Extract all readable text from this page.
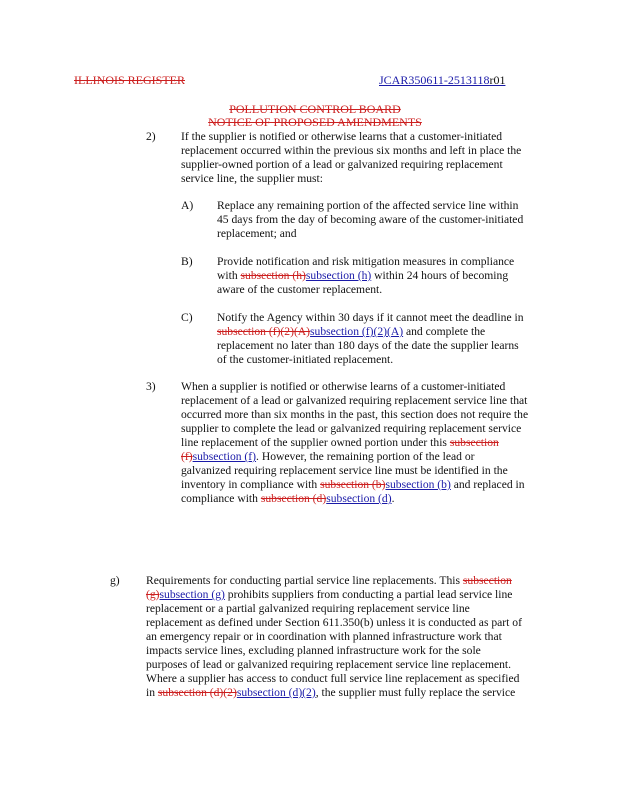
ILLINOIS REGISTER	JCAR350611-2513118r01
POLLUTION CONTROL BOARD
NOTICE OF PROPOSED AMENDMENTS
2) If the supplier is notified or otherwise learns that a customer-initiated
replacement occurred within the previous six months and left in place the
supplier-owned portion of a lead or galvanized requiring replacement
service line, the supplier must:
A) Replace any remaining portion of the affected service line within
45 days from the day of becoming aware of the customer-initiated
replacement; and
B) Provide notification and risk mitigation measures in compliance
with subsection (h)subsection (h) within 24 hours of becoming
aware of the customer replacement.
C) Notify the Agency within 30 days if it cannot meet the deadline in
subsection (f)(2)(A)subsection (f)(2)(A) and complete the
replacement no later than 180 days of the date the supplier learns
of the customer-initiated replacement.
3) When a supplier is notified or otherwise learns of a customer-initiated
replacement of a lead or galvanized requiring replacement service line that
occurred more than six months in the past, this section does not require the
supplier to complete the lead or galvanized requiring replacement service
line replacement of the supplier owned portion under this subsection
(f)subsection (f). However, the remaining portion of the lead or
galvanized requiring replacement service line must be identified in the
inventory in compliance with subsection (b)subsection (b) and replaced in
compliance with subsection (d)subsection (d).
g) Requirements for conducting partial service line replacements. This subsection
(g)subsection (g) prohibits suppliers from conducting a partial lead service line
replacement or a partial galvanized requiring replacement service line
replacement as defined under Section 611.350(b) unless it is conducted as part of
an emergency repair or in coordination with planned infrastructure work that
impacts service lines, excluding planned infrastructure work for the sole
purposes of lead or galvanized requiring replacement service line replacement.
Where a supplier has access to conduct full service line replacement as specified
in subsection (d)(2)subsection (d)(2), the supplier must fully replace the service
